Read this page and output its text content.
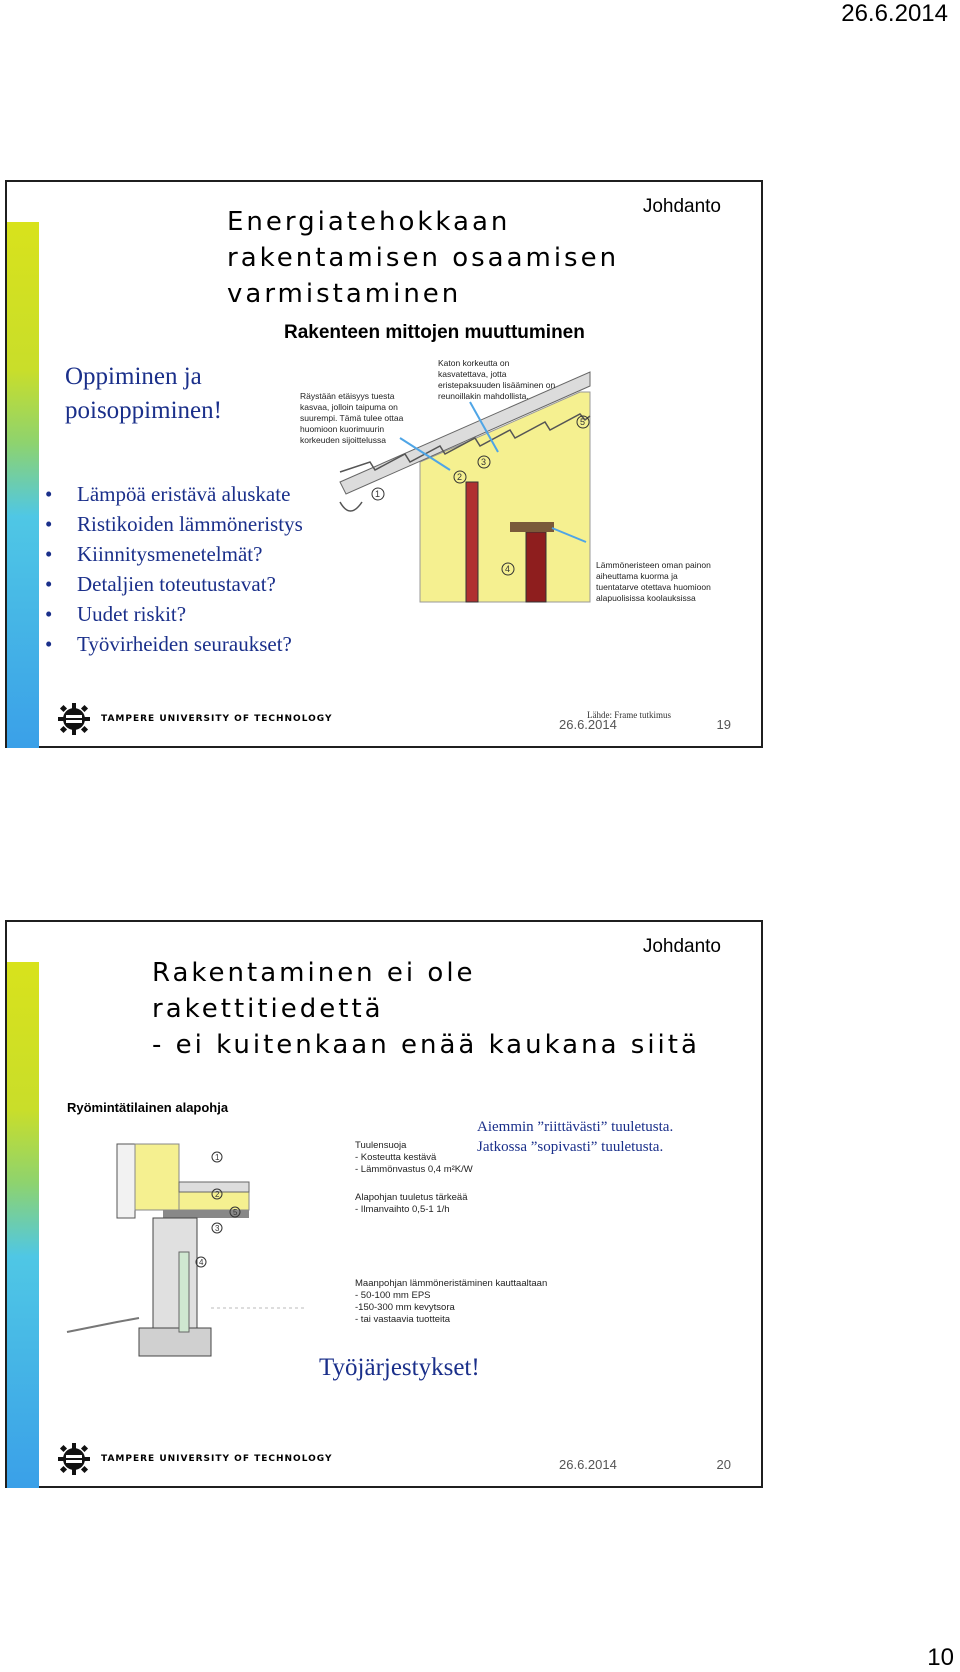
26.6.2014
Johdanto
Energiatehokkaan
rakentamisen osaamisen
varmistaminen
Oppiminen ja
poisoppiminen!
• Lämpöä eristävä aluskate
• Ristikoiden lämmöneristys
• Kiinnitysmenetelmät?
• Detaljien toteutustavat?
• Uudet riskit?
• Työvirheiden seuraukset?
Rakenteen mittojen muuttuminen
1
2
3
4
5
Räystään etäisyys tuesta
kasvaa, jolloin taipuma on
suurempi. Tämä tulee ottaa
huomioon kuorimuurin
korkeuden sijoittelussa
Katon korkeutta on
kasvatettava, jotta
eristepaksuuden lisääminen on
reunoillakin mahdollista.
Lämmöneristeen oman painon
aiheuttama kuorma ja
tuentatarve otettava huomioon
alapuolisissa koolauksissa
Lähde: Frame tutkimus
TAMPERE UNIVERSITY OF TECHNOLOGY	26.6.2014	19
Johdanto
Rakentaminen ei ole
rakettitiedettä
- ei kuitenkaan enää kaukana siitä
Ryömintätilainen alapohja
1
2
3
4
5
Tuulensuoja
- Kosteutta kestävä
- Lämmönvastus 0,4 m²K/W
Alapohjan tuuletus tärkeää
- Ilmanvaihto 0,5-1 1/h
Maanpohjan lämmöneristäminen kauttaaltaan
- 50-100 mm EPS
-150-300 mm kevytsora
- tai vastaavia tuotteita
Aiemmin ”riittävästi” tuuletusta.
Jatkossa ”sopivasti” tuuletusta.
Työjärjestykset!
TAMPERE UNIVERSITY OF TECHNOLOGY	26.6.2014	20
10
